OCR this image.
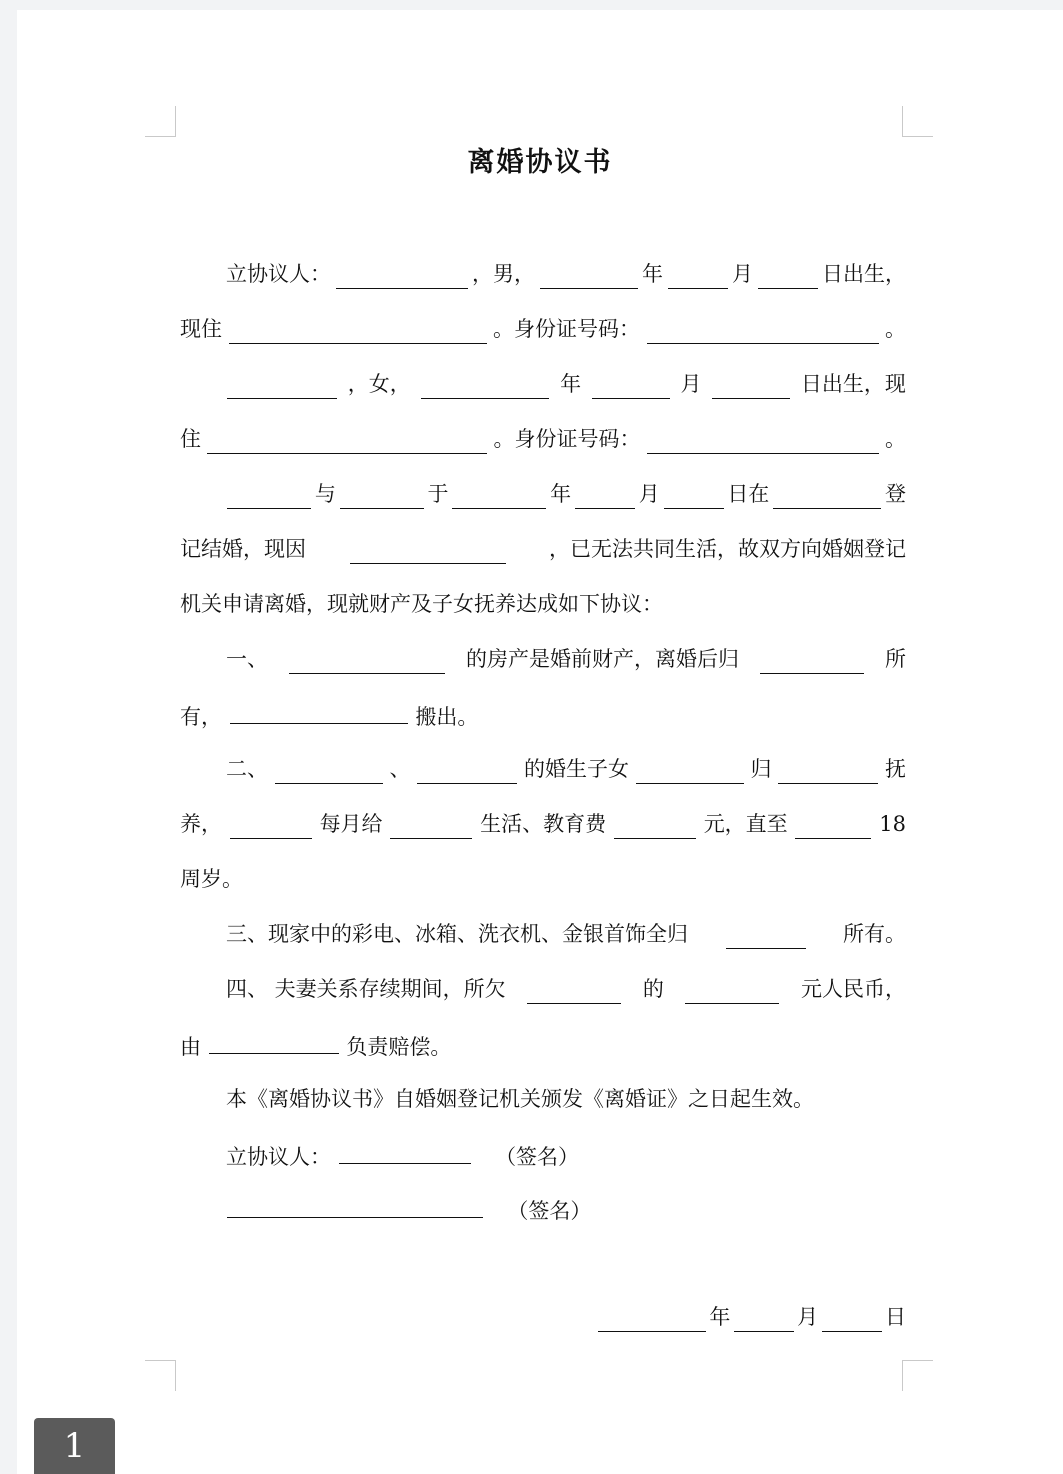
离婚协议书
立协议人：	，男，	年	月	日出生，
现住	。身份证号码：	。
，女，	年	月	日出生，现
住	。身份证号码：	。
与	于	年	月	日在	登
记结婚，现因	，已无法共同生活，故双方向婚姻登记
机关申请离婚，现就财产及子女抚养达成如下协议：
一、	的房产是婚前财产，离婚后归	所
有，	搬出。
二、	、	的婚生子女	归	抚
养，	每月给	生活、教育费	元，直至	18
周岁。
三、现家中的彩电、冰箱、洗衣机、金银首饰全归	所有。
四、 夫妻关系存续期间，所欠	的	元人民币，
由	负责赔偿。
本《离婚协议书》自婚姻登记机关颁发《离婚证》之日起生效。
立协议人：	（签名）
（签名）
年	月	日
1
